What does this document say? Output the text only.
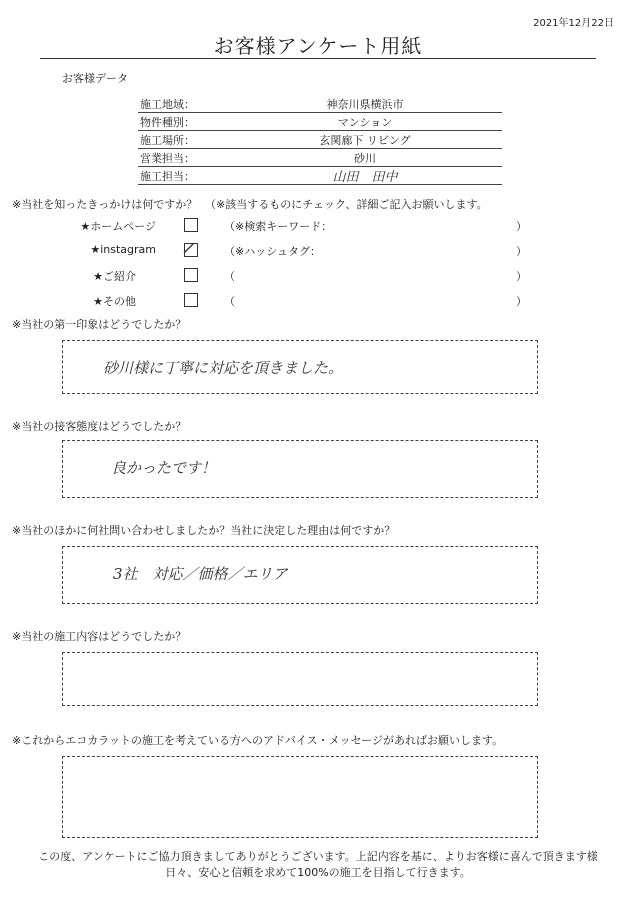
2021年12月22日
お客様アンケート用紙
お客様データ
施工地域：	神奈川県横浜市
物件種別：	マンション
施工場所：	玄関廊下 リビング
営業担当：	砂川
施工担当：	山田　田中
※当社を知ったきっかけは何ですか？ （※該当するものにチェック、詳細ご記入お願いします。
★ホームページ	（※検索キーワード：	）
★instagram	（※ハッシュタグ：	）
★ご紹介	（	）
★その他	（	）
※当社の第一印象はどうでしたか？
砂川様に丁寧に対応を頂きました。
※当社の接客態度はどうでしたか？
良かったです！
※当社のほかに何社問い合わせしましたか？当社に決定した理由は何ですか？
3社　対応／価格／エリア
※当社の施工内容はどうでしたか？
※これからエコカラットの施工を考えている方へのアドバイス・メッセージがあればお願いします。
この度、アンケートにご協力頂きましてありがとうございます。上記内容を基に、よりお客様に喜んで頂きます様
日々、安心と信頼を求めて100%の施工を目指して行きます。
